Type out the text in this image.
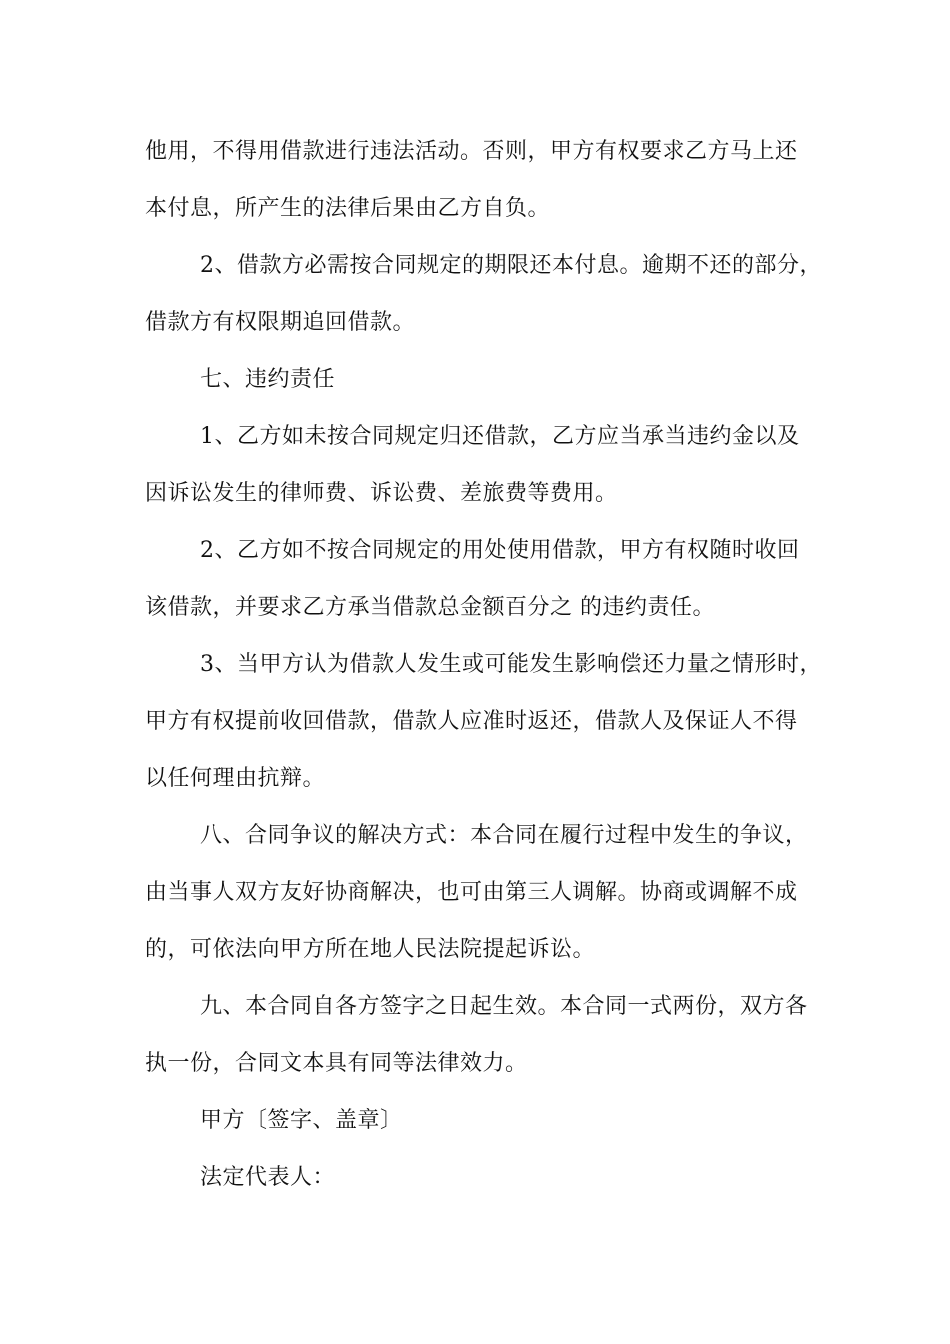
他用，不得用借款进行违法活动。否则，甲方有权要求乙方马上还
本付息，所产生的法律后果由乙方自负。
2、借款方必需按合同规定的期限还本付息。逾期不还的部分，
借款方有权限期追回借款。
七、违约责任
1、乙方如未按合同规定归还借款，乙方应当承当违约金以及
因诉讼发生的律师费、诉讼费、差旅费等费用。
2、乙方如不按合同规定的用处使用借款，甲方有权随时收回
该借款，并要求乙方承当借款总金额百分之 的违约责任。
3、当甲方认为借款人发生或可能发生影响偿还力量之情形时，
甲方有权提前收回借款，借款人应准时返还，借款人及保证人不得
以任何理由抗辩。
八、合同争议的解决方式：本合同在履行过程中发生的争议，
由当事人双方友好协商解决，也可由第三人调解。协商或调解不成
的，可依法向甲方所在地人民法院提起诉讼。
九、本合同自各方签字之日起生效。本合同一式两份，双方各
执一份，合同文本具有同等法律效力。
甲方〔签字、盖章〕
法定代表人：
